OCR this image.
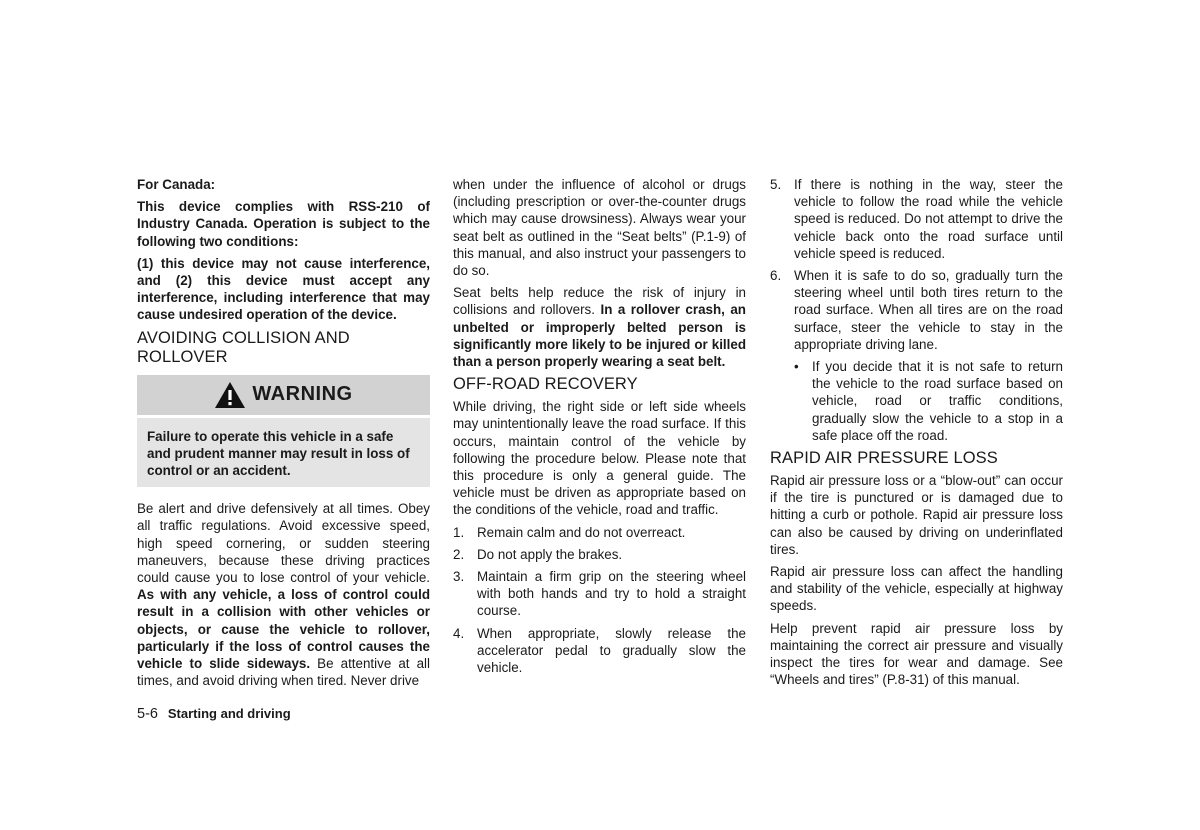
For Canada:

This device complies with RSS-210 of Industry Canada. Operation is subject to the following two conditions:

(1) this device may not cause interference, and (2) this device must accept any interference, including interference that may cause undesired operation of the device.

AVOIDING COLLISION AND ROLLOVER
WARNING
Failure to operate this vehicle in a safe and prudent manner may result in loss of control or an accident.

Be alert and drive defensively at all times. Obey all traffic regulations. Avoid excessive speed, high speed cornering, or sudden steering maneuvers, because these driving practices could cause you to lose control of your vehicle. As with any vehicle, a loss of control could result in a collision with other vehicles or objects, or cause the vehicle to rollover, particularly if the loss of control causes the vehicle to slide sideways. Be attentive at all times, and avoid driving when tired. Never drive

when under the influence of alcohol or drugs (including prescription or over-the-counter drugs which may cause drowsiness). Always wear your seat belt as outlined in the “Seat belts” (P.1-9) of this manual, and also instruct your passengers to do so.

Seat belts help reduce the risk of injury in collisions and rollovers. In a rollover crash, an unbelted or improperly belted person is significantly more likely to be injured or killed than a person properly wearing a seat belt.

OFF-ROAD RECOVERY

While driving, the right side or left side wheels may unintentionally leave the road surface. If this occurs, maintain control of the vehicle by following the procedure below. Please note that this procedure is only a general guide. The vehicle must be driven as appropriate based on the conditions of the vehicle, road and traffic.

1. Remain calm and do not overreact.
2. Do not apply the brakes.
3. Maintain a firm grip on the steering wheel with both hands and try to hold a straight course.
4. When appropriate, slowly release the accelerator pedal to gradually slow the vehicle.
5. If there is nothing in the way, steer the vehicle to follow the road while the vehicle speed is reduced. Do not attempt to drive the vehicle back onto the road surface until vehicle speed is reduced.
6. When it is safe to do so, gradually turn the steering wheel until both tires return to the road surface. When all tires are on the road surface, steer the vehicle to stay in the appropriate driving lane.
• If you decide that it is not safe to return the vehicle to the road surface based on vehicle, road or traffic conditions, gradually slow the vehicle to a stop in a safe place off the road.
RAPID AIR PRESSURE LOSS

Rapid air pressure loss or a “blow-out” can occur if the tire is punctured or is damaged due to hitting a curb or pothole. Rapid air pressure loss can also be caused by driving on underinflated tires.

Rapid air pressure loss can affect the handling and stability of the vehicle, especially at highway speeds.

Help prevent rapid air pressure loss by maintaining the correct air pressure and visually inspect the tires for wear and damage. See “Wheels and tires” (P.8-31) of this manual.

5-6 Starting and driving
